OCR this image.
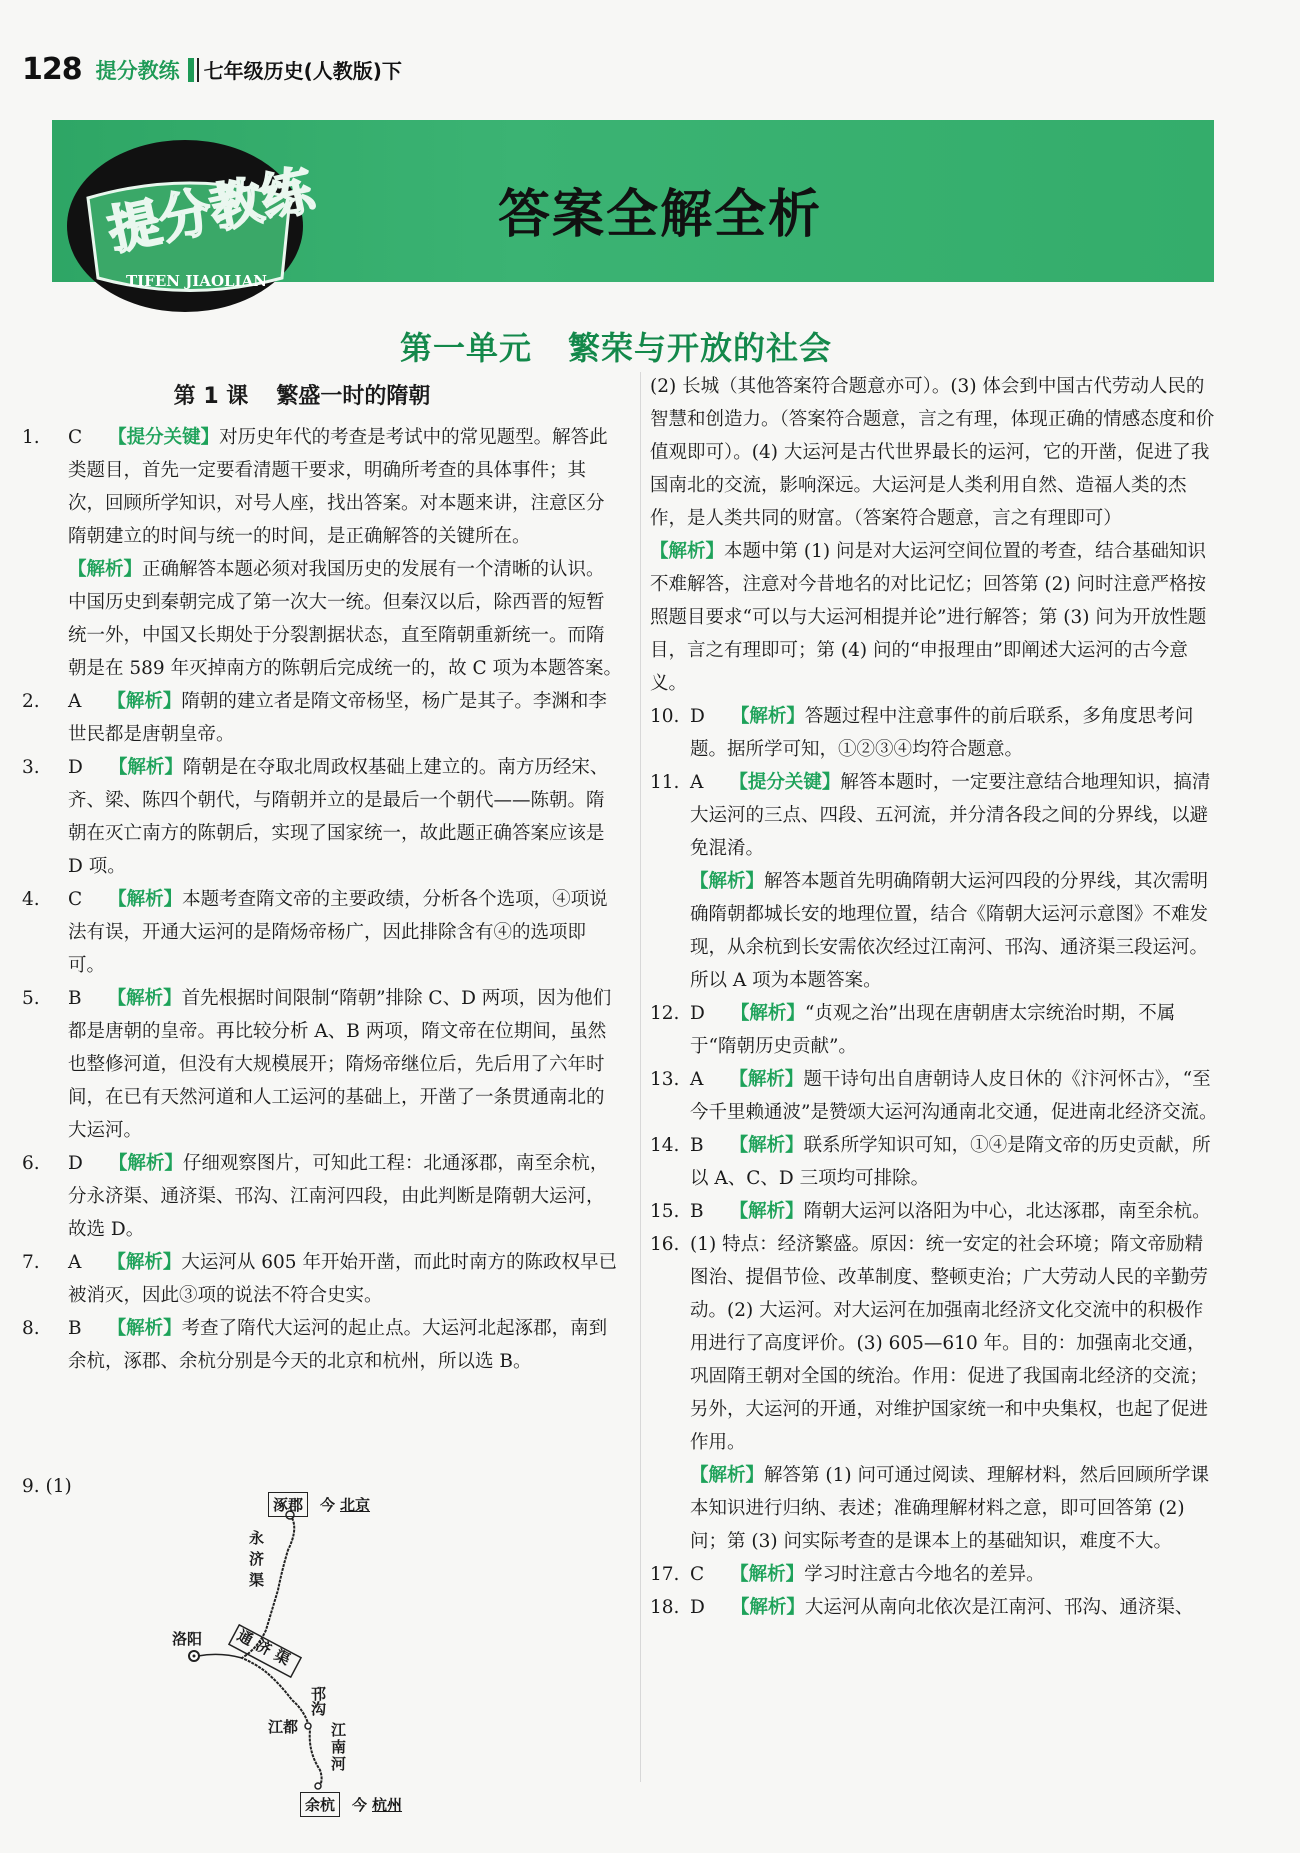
128 提分教练 七年级历史(人教版)下
提分教练
TIFEN JIAOLIAN
答案全解全析
第一单元 繁荣与开放的社会
第 1 课 繁盛一时的隋朝
1.	C 【提分关键】对历史年代的考查是考试中的常见题型。解答此类题目，首先一定要看清题干要求，明确所考查的具体事件；其次，回顾所学知识，对号人座，找出答案。对本题来讲，注意区分隋朝建立的时间与统一的时间，是正确解答的关键所在。

【解析】正确解答本题必须对我国历史的发展有一个清晰的认识。中国历史到秦朝完成了第一次大一统。但秦汉以后，除西晋的短暂统一外，中国又长期处于分裂割据状态，直至隋朝重新统一。而隋朝是在 589 年灭掉南方的陈朝后完成统一的，故 C 项为本题答案。

2.	A 【解析】隋朝的建立者是隋文帝杨坚，杨广是其子。李渊和李世民都是唐朝皇帝。

3.	D 【解析】隋朝是在夺取北周政权基础上建立的。南方历经宋、齐、梁、陈四个朝代，与隋朝并立的是最后一个朝代——陈朝。隋朝在灭亡南方的陈朝后，实现了国家统一，故此题正确答案应该是 D 项。

4.	C 【解析】本题考查隋文帝的主要政绩，分析各个选项，④项说法有误，开通大运河的是隋炀帝杨广，因此排除含有④的选项即可。

5.	B 【解析】首先根据时间限制“隋朝”排除 C、D 两项，因为他们都是唐朝的皇帝。再比较分析 A、B 两项，隋文帝在位期间，虽然也整修河道，但没有大规模展开；隋炀帝继位后，先后用了六年时间，在已有天然河道和人工运河的基础上，开凿了一条贯通南北的大运河。

6.	D 【解析】仔细观察图片，可知此工程：北通涿郡，南至余杭，分永济渠、通济渠、邗沟、江南河四段，由此判断是隋朝大运河，故选 D。

7.	A 【解析】大运河从 605 年开始开凿，而此时南方的陈政权早已被消灭，因此③项的说法不符合史实。

8.	B 【解析】考查了隋代大运河的起止点。大运河北起涿郡，南到余杭，涿郡、余杭分别是今天的北京和杭州，所以选 B。

9. (1)
涿郡	今 北京
永济渠
洛阳 通济渠
邗沟
江都 江南河
余杭	今 杭州

(2) 长城（其他答案符合题意亦可）。(3) 体会到中国古代劳动人民的智慧和创造力。（答案符合题意，言之有理，体现正确的情感态度和价值观即可）。(4) 大运河是古代世界最长的运河，它的开凿，促进了我国南北的交流，影响深远。大运河是人类利用自然、造福人类的杰作，是人类共同的财富。（答案符合题意，言之有理即可）

【解析】本题中第 (1) 问是对大运河空间位置的考查，结合基础知识不难解答，注意对今昔地名的对比记忆；回答第 (2) 问时注意严格按照题目要求“可以与大运河相提并论”进行解答；第 (3) 问为开放性题目，言之有理即可；第 (4) 问的“申报理由”即阐述大运河的古今意义。

10. D 【解析】答题过程中注意事件的前后联系，多角度思考问题。据所学可知，①②③④均符合题意。

11. A 【提分关键】解答本题时，一定要注意结合地理知识，搞清大运河的三点、四段、五河流，并分清各段之间的分界线，以避免混淆。

【解析】解答本题首先明确隋朝大运河四段的分界线，其次需明确隋朝都城长安的地理位置，结合《隋朝大运河示意图》不难发现，从余杭到长安需依次经过江南河、邗沟、通济渠三段运河。所以 A 项为本题答案。

12. D 【解析】“贞观之治”出现在唐朝唐太宗统治时期，不属于“隋朝历史贡献”。

13. A 【解析】题干诗句出自唐朝诗人皮日休的《汴河怀古》，“至今千里赖通波”是赞颂大运河沟通南北交通，促进南北经济交流。

14. B 【解析】联系所学知识可知，①④是隋文帝的历史贡献，所以 A、C、D 三项均可排除。

15. B 【解析】隋朝大运河以洛阳为中心，北达涿郡，南至余杭。

16. (1) 特点：经济繁盛。原因：统一安定的社会环境；隋文帝励精图治、提倡节俭、改革制度、整顿吏治；广大劳动人民的辛勤劳动。(2) 大运河。对大运河在加强南北经济文化交流中的积极作用进行了高度评价。(3) 605—610 年。目的：加强南北交通，巩固隋王朝对全国的统治。作用：促进了我国南北经济的交流；另外，大运河的开通，对维护国家统一和中央集权，也起了促进作用。

【解析】解答第 (1) 问可通过阅读、理解材料，然后回顾所学课本知识进行归纳、表述；准确理解材料之意，即可回答第 (2) 问；第 (3) 问实际考查的是课本上的基础知识，难度不大。

17. C 【解析】学习时注意古今地名的差异。

18. D 【解析】大运河从南向北依次是江南河、邗沟、通济渠、
